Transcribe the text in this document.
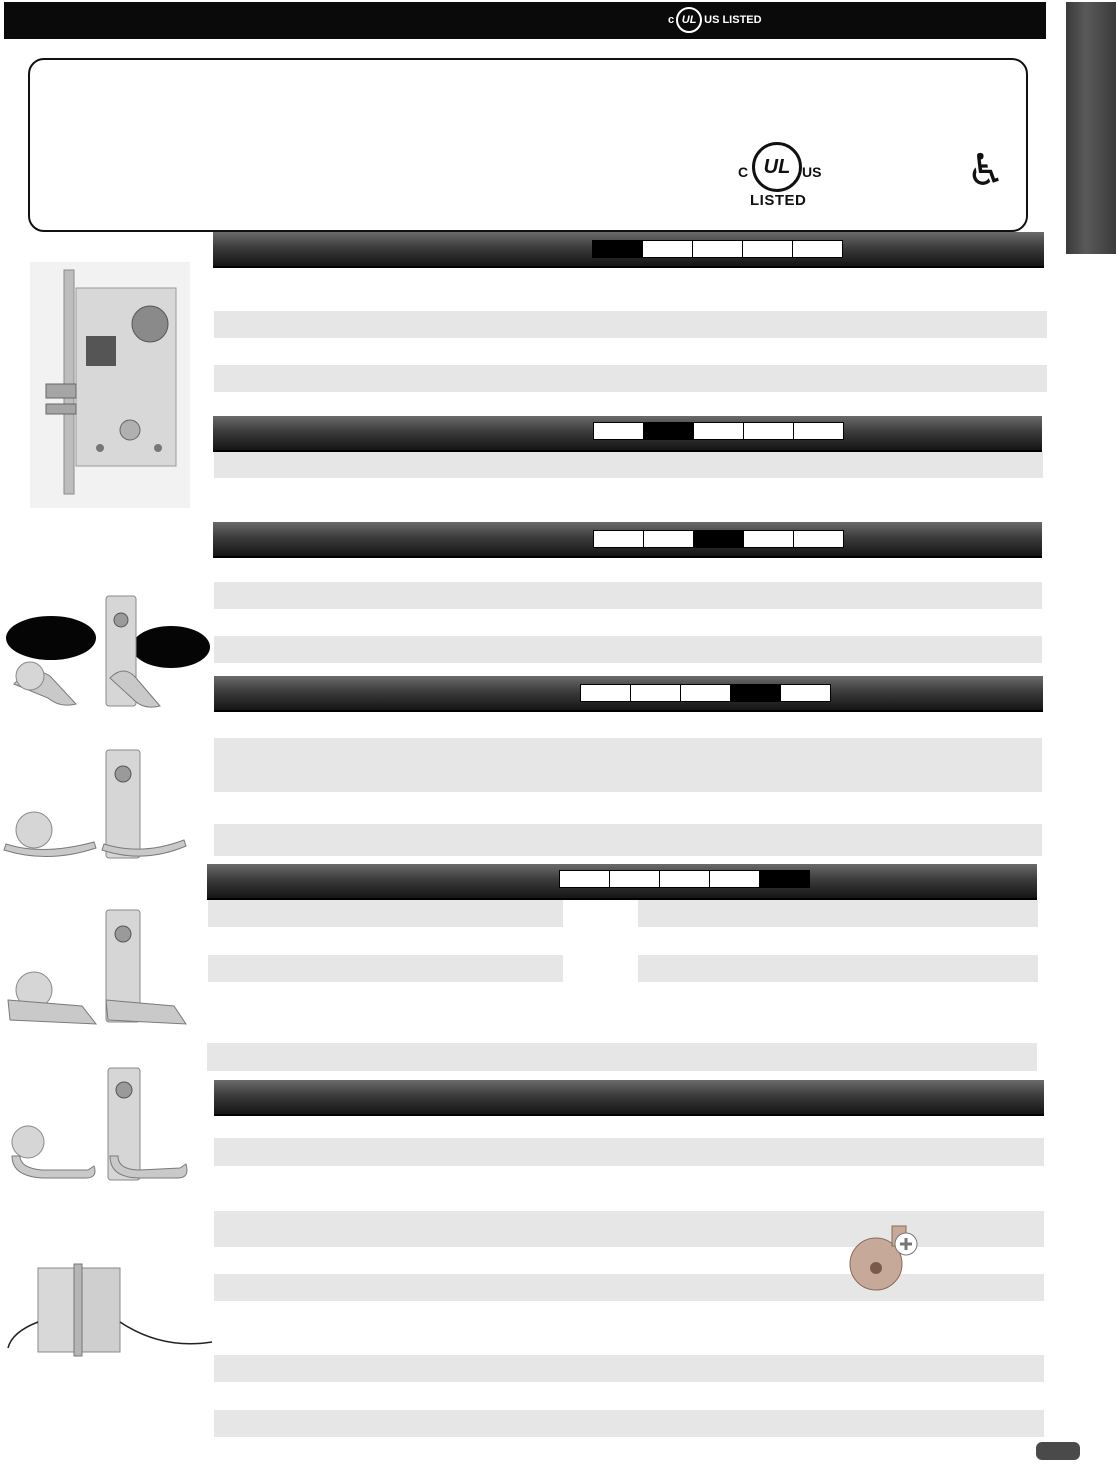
c UL US LISTED
C UL US
LISTED
♿
